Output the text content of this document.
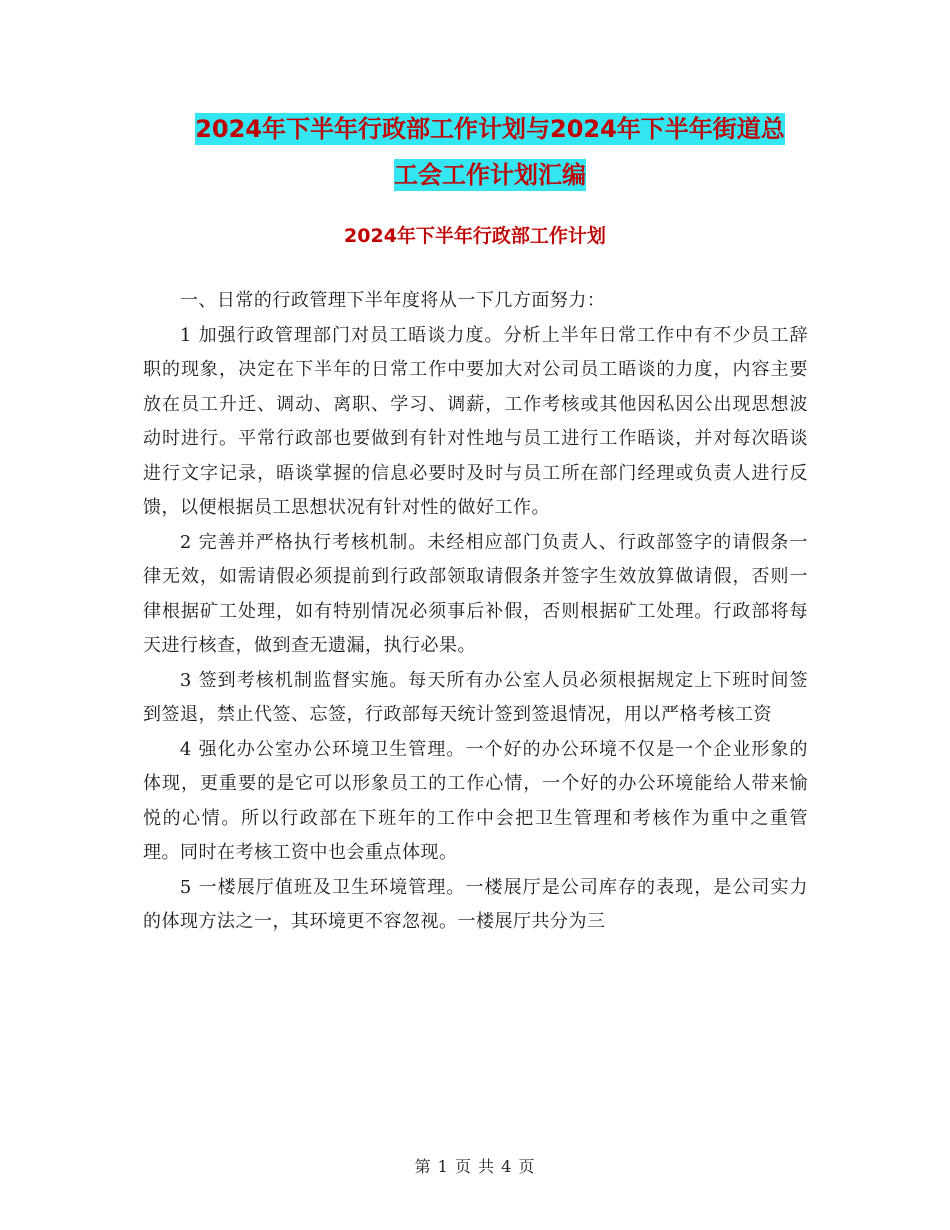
2024年下半年行政部工作计划与2024年下半年街道总
工会工作计划汇编
2024年下半年行政部工作计划

一、日常的行政管理下半年度将从一下几方面努力：

1 加强行政管理部门对员工晤谈力度。分析上半年日常工作中有不少员工辞职的现象，决定在下半年的日常工作中要加大对公司员工晤谈的力度，内容主要放在员工升迁、调动、离职、学习、调薪，工作考核或其他因私因公出现思想波动时进行。平常行政部也要做到有针对性地与员工进行工作晤谈，并对每次晤谈进行文字记录，晤谈掌握的信息必要时及时与员工所在部门经理或负责人进行反馈，以便根据员工思想状况有针对性的做好工作。

2 完善并严格执行考核机制。未经相应部门负责人、行政部签字的请假条一律无效，如需请假必须提前到行政部领取请假条并签字生效放算做请假，否则一律根据矿工处理，如有特别情况必须事后补假，否则根据矿工处理。行政部将每天进行核查，做到查无遗漏，执行必果。

3 签到考核机制监督实施。每天所有办公室人员必须根据规定上下班时间签到签退，禁止代签、忘签，行政部每天统计签到签退情况，用以严格考核工资

4 强化办公室办公环境卫生管理。一个好的办公环境不仅是一个企业形象的体现，更重要的是它可以形象员工的工作心情，一个好的办公环境能给人带来愉悦的心情。所以行政部在下班年的工作中会把卫生管理和考核作为重中之重管理。同时在考核工资中也会重点体现。

5 一楼展厅值班及卫生环境管理。一楼展厅是公司库存的表现，是公司实力的体现方法之一，其环境更不容忽视。一楼展厅共分为三

第 1 页 共 4 页
